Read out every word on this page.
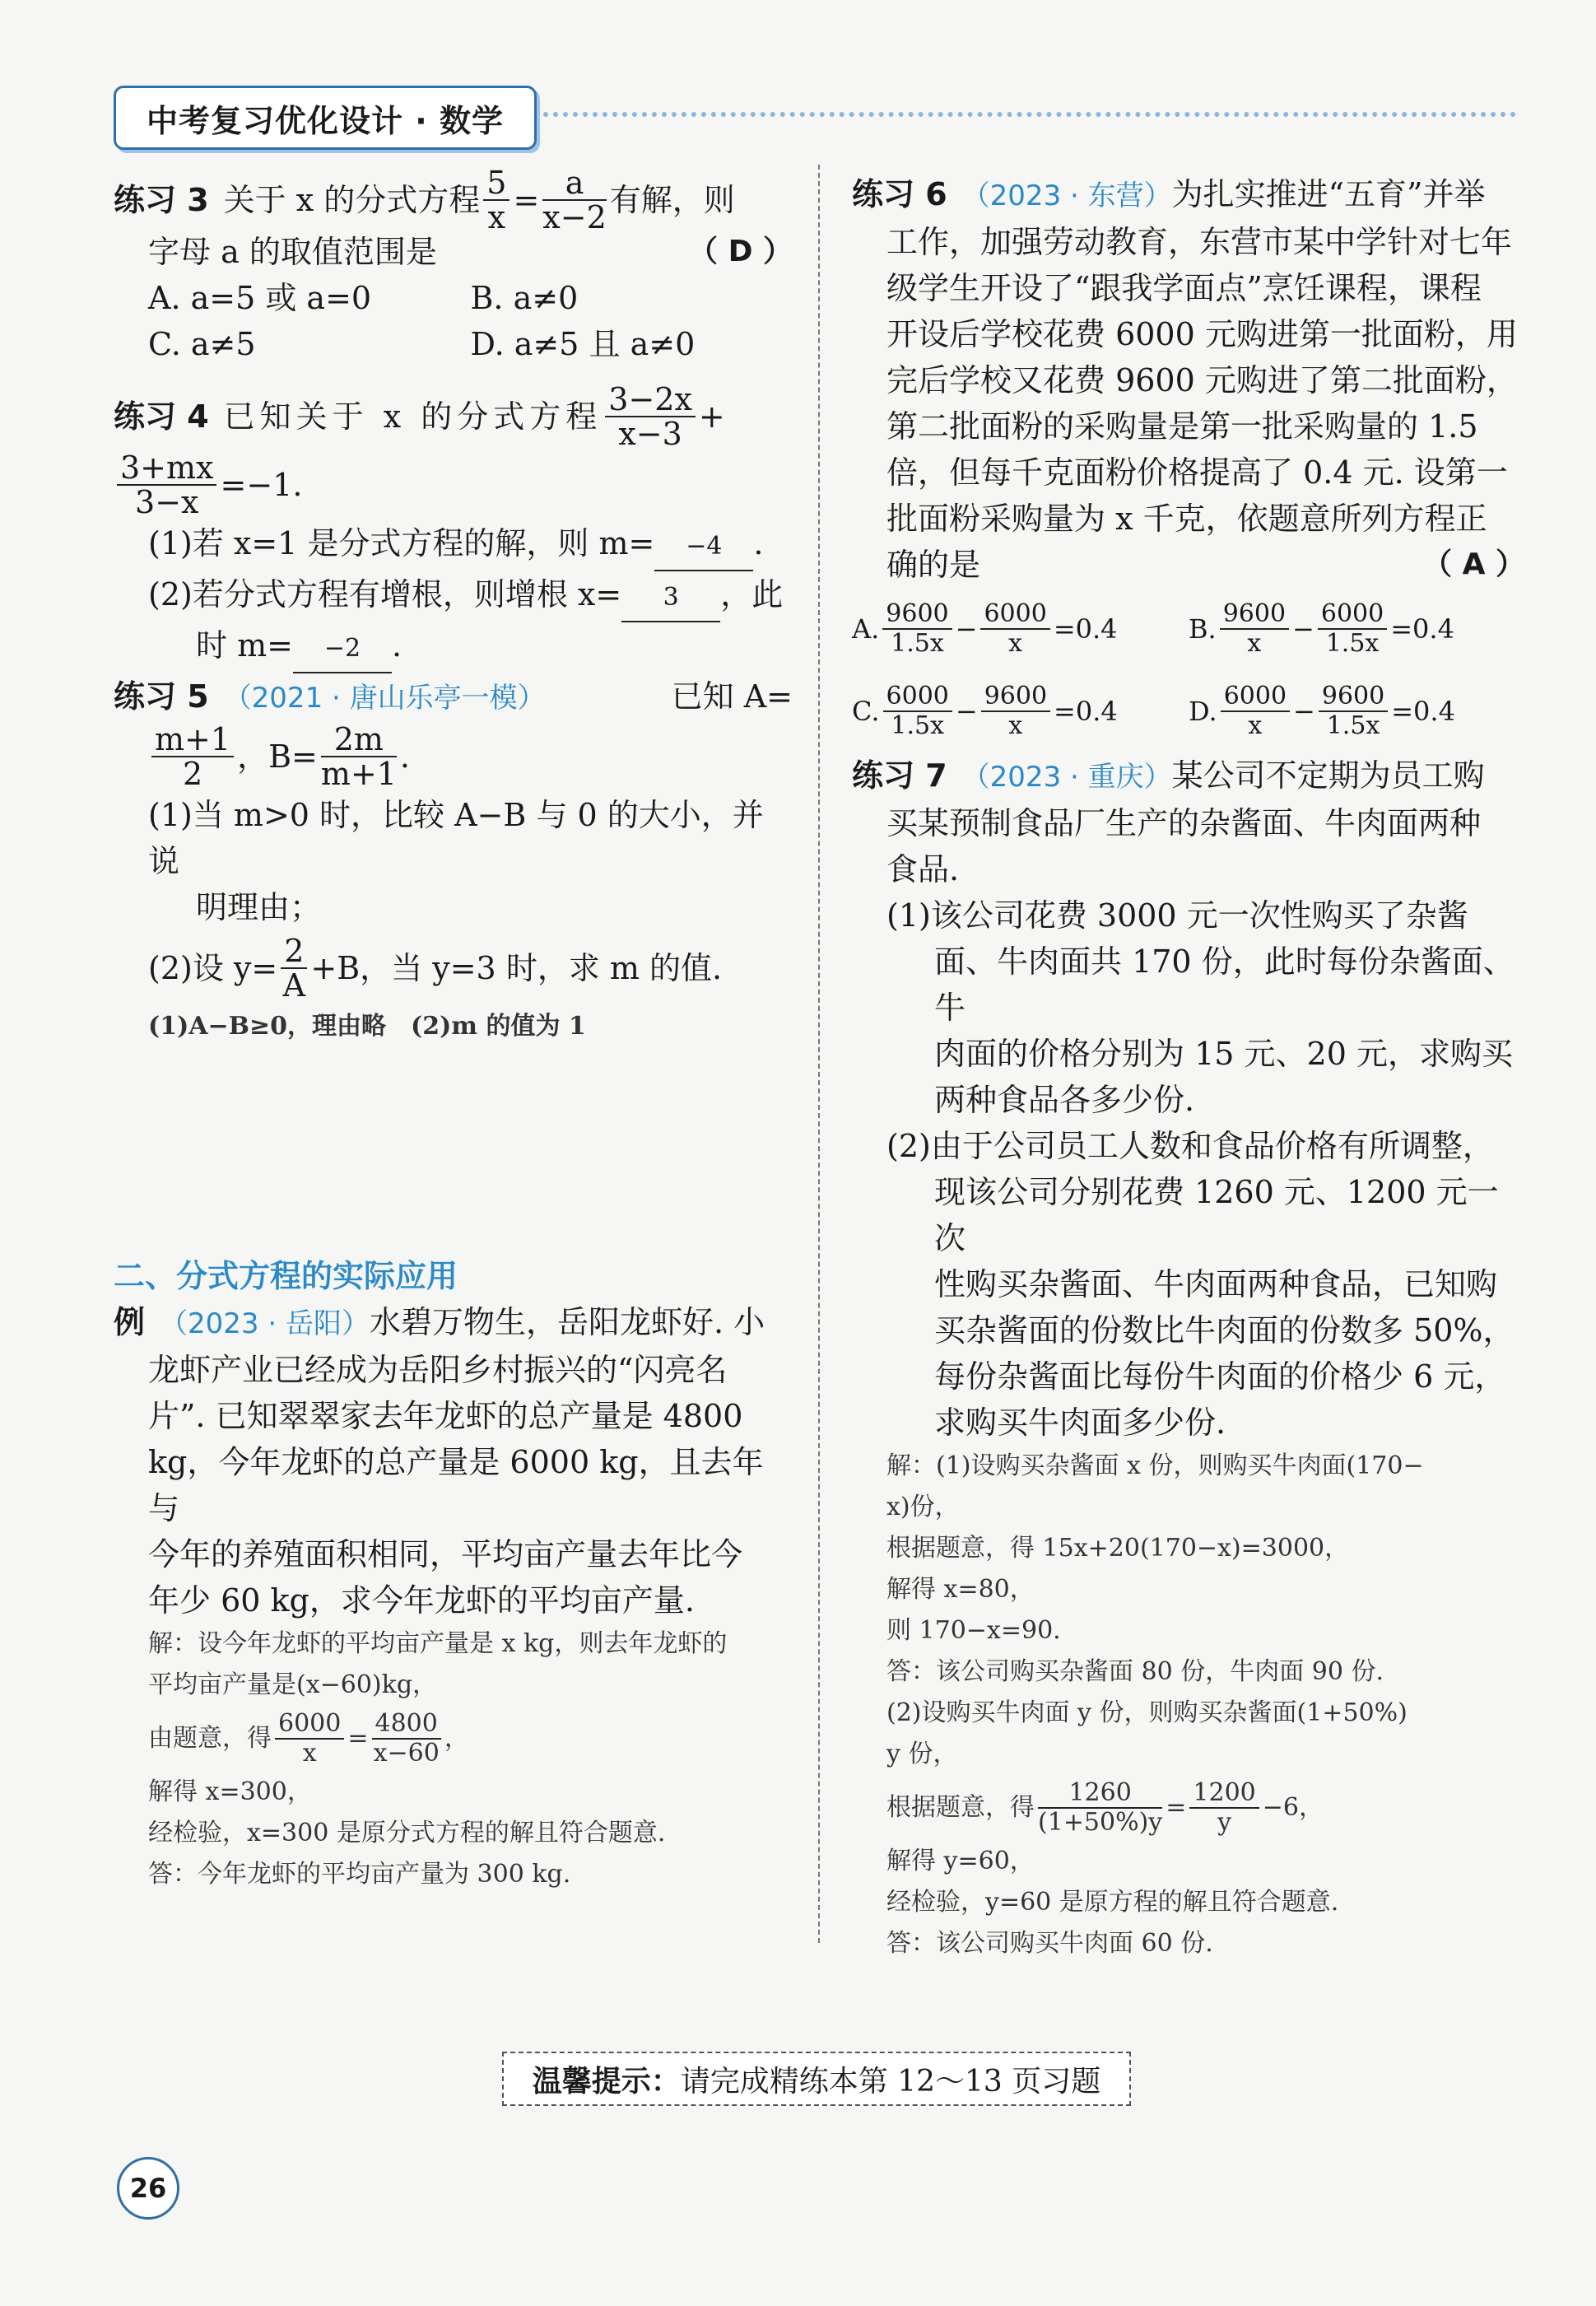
中考复习优化设计 · 数学
练习 3 关于 x 的分式方程 $\frac{5}{x} = \frac{a}{x-2}$ 有解，则
字母 a 的取值范围是	（ D ）
A. a=5 或 a=0	B. a≠0
C. a≠5	D. a≠5 且 a≠0
练习 4 已知关于 x 的分式方程 $\frac{3-2x}{x-3}$ +
$\frac{3+mx}{3-x} =-1$.
(1)若 x=1 是分式方程的解，则 m= −4 .
(2)若分式方程有增根，则增根 x= 3 ，此
时 m= −2 .
练习 5 （2021 · 唐山乐亭一模）	已知 A=
$\frac{m+1}{2}$ ，$B= \frac{2m}{m+1}$ .
(1)当 m>0 时，比较 A−B 与 0 的大小，并说
明理由；
(2)设 $y= \frac{2}{A} +B$，当 y=3 时，求 m 的值.
(1)A−B≥0，理由略　(2)m 的值为 1
二、分式方程的实际应用
例 （2023 · 岳阳）水碧万物生，岳阳龙虾好. 小
龙虾产业已经成为岳阳乡村振兴的“闪亮名
片”. 已知翠翠家去年龙虾的总产量是 4800
kg，今年龙虾的总产量是 6000 kg，且去年与
今年的养殖面积相同，平均亩产量去年比今
年少 60 kg，求今年龙虾的平均亩产量.
解：设今年龙虾的平均亩产量是 x kg，则去年龙虾的
平均亩产量是(x−60)kg，
由题意，得 $\frac{6000}{x} = \frac{4800}{x-60}$ ，
解得 x=300，
经检验，x=300 是原分式方程的解且符合题意.
答：今年龙虾的平均亩产量为 300 kg.
练习 6 （2023 · 东营）为扎实推进“五育”并举
工作，加强劳动教育，东营市某中学针对七年
级学生开设了“跟我学面点”烹饪课程，课程
开设后学校花费 6000 元购进第一批面粉，用
完后学校又花费 9600 元购进了第二批面粉，
第二批面粉的采购量是第一批采购量的 1.5
倍，但每千克面粉价格提高了 0.4 元. 设第一
批面粉采购量为 x 千克，依题意所列方程正
确的是	（ A ）
A. $\frac{9600}{1.5x} - \frac{6000}{x} =0.4$	B. $\frac{9600}{x} - \frac{6000}{1.5x} =0.4$
C. $\frac{6000}{1.5x} - \frac{9600}{x} =0.4$	D. $\frac{6000}{x} - \frac{9600}{1.5x} =0.4$
练习 7 （2023 · 重庆）某公司不定期为员工购
买某预制食品厂生产的杂酱面、牛肉面两种
食品.
(1)该公司花费 3000 元一次性购买了杂酱
面、牛肉面共 170 份，此时每份杂酱面、牛
肉面的价格分别为 15 元、20 元，求购买
两种食品各多少份.
(2)由于公司员工人数和食品价格有所调整，
现该公司分别花费 1260 元、1200 元一次
性购买杂酱面、牛肉面两种食品，已知购
买杂酱面的份数比牛肉面的份数多 50%，
每份杂酱面比每份牛肉面的价格少 6 元，
求购买牛肉面多少份.
解：(1)设购买杂酱面 x 份，则购买牛肉面(170−
x)份，
根据题意，得 15x+20(170−x)=3000，
解得 x=80，
则 170−x=90.
答：该公司购买杂酱面 80 份，牛肉面 90 份.
(2)设购买牛肉面 y 份，则购买杂酱面(1+50%)
y 份，
根据题意，得 $\frac{1260}{(1+50\%)y} = \frac{1200}{y} -6$，
解得 y=60，
经检验，y=60 是原方程的解且符合题意.
答：该公司购买牛肉面 60 份.
温馨提示： 请完成精练本第 12～13 页习题
26
